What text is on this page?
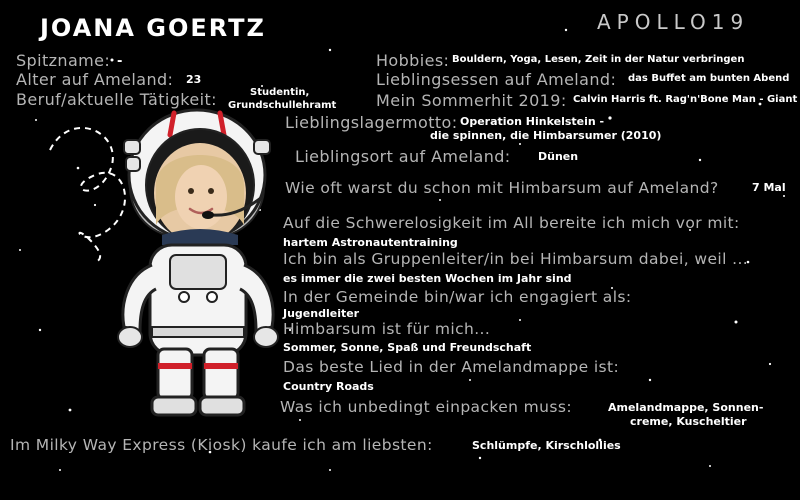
JOANA GOERTZ	APOLLO19
Spitzname: -
Alter auf Ameland: 23
Beruf/aktuelle Tätigkeit:	Studentin,
Grundschullehramt
Hobbies: Bouldern, Yoga, Lesen, Zeit in der Natur verbringen
Lieblingsessen auf Ameland: das Buffet am bunten Abend
Mein Sommerhit 2019: Calvin Harris ft. Rag'n'Bone Man - Giant
Lieblingslagermotto: Operation Hinkelstein -
die spinnen, die Himbarsumer (2010)
Lieblingsort auf Ameland: Dünen
Wie oft warst du schon mit Himbarsum auf Ameland?	7 Mal
Auf die Schwerelosigkeit im All bereite ich mich vor mit:
hartem Astronautentraining
Ich bin als Gruppenleiter/in bei Himbarsum dabei, weil ...
es immer die zwei besten Wochen im Jahr sind
In der Gemeinde bin/war ich engagiert als:
Jugendleiter
Himbarsum ist für mich...
Sommer, Sonne, Spaß und Freundschaft
Das beste Lied in der Amelandmappe ist:
Country Roads
Was ich unbedingt einpacken muss:	Amelandmappe, Sonnen-
creme, Kuscheltier
Im Milky Way Express (Kiosk) kaufe ich am liebsten:	Schlümpfe, Kirschlollies
